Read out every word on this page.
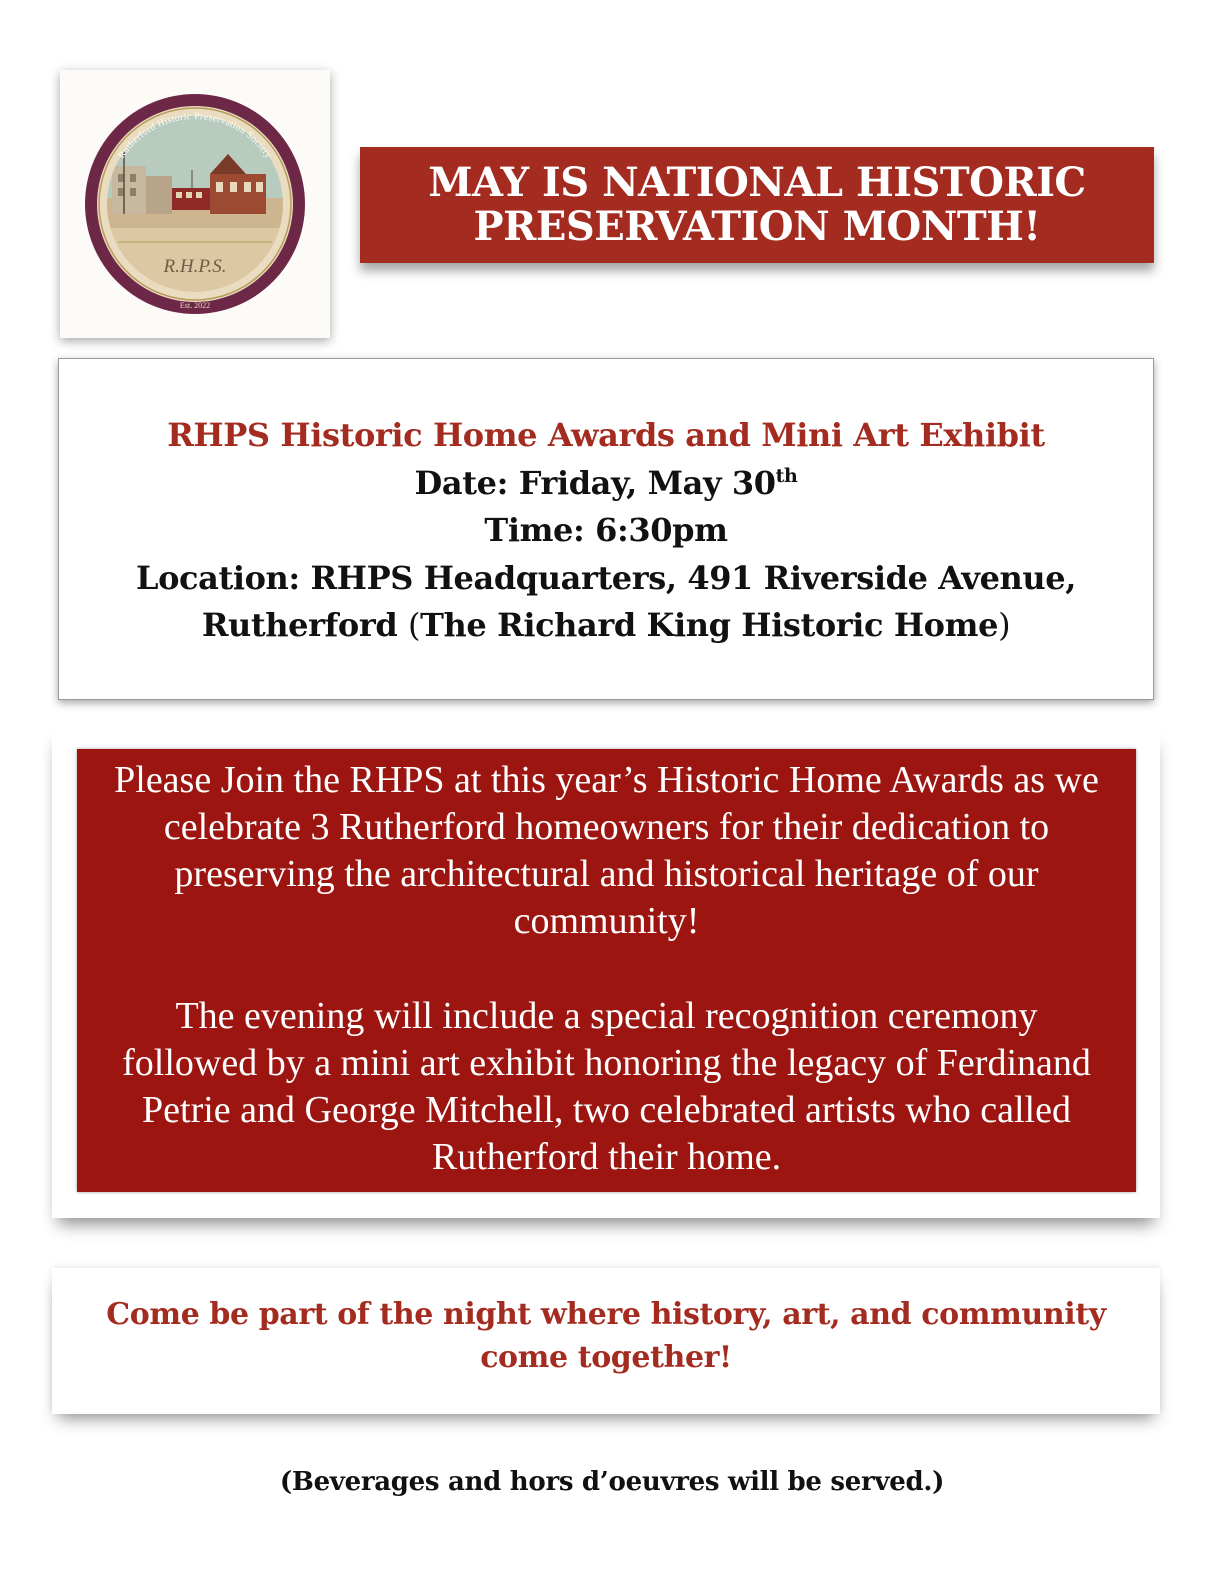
R.H.P.S.
Rutherford Historic Preservation Society
Est. 2022
MAY IS NATIONAL HISTORIC
PRESERVATION MONTH!
RHPS Historic Home Awards and Mini Art Exhibit
Date: Friday, May 30th
Time: 6:30pm
Location: RHPS Headquarters, 491 Riverside Avenue,
Rutherford (The Richard King Historic Home)
Please Join the RHPS at this year’s Historic Home Awards as we celebrate 3 Rutherford homeowners for their dedication to preserving the architectural and historical heritage of our community!
The evening will include a special recognition ceremony followed by a mini art exhibit honoring the legacy of Ferdinand Petrie and George Mitchell, two celebrated artists who called Rutherford their home.
Come be part of the night where history, art, and community
come together!
(Beverages and hors d’oeuvres will be served.)
